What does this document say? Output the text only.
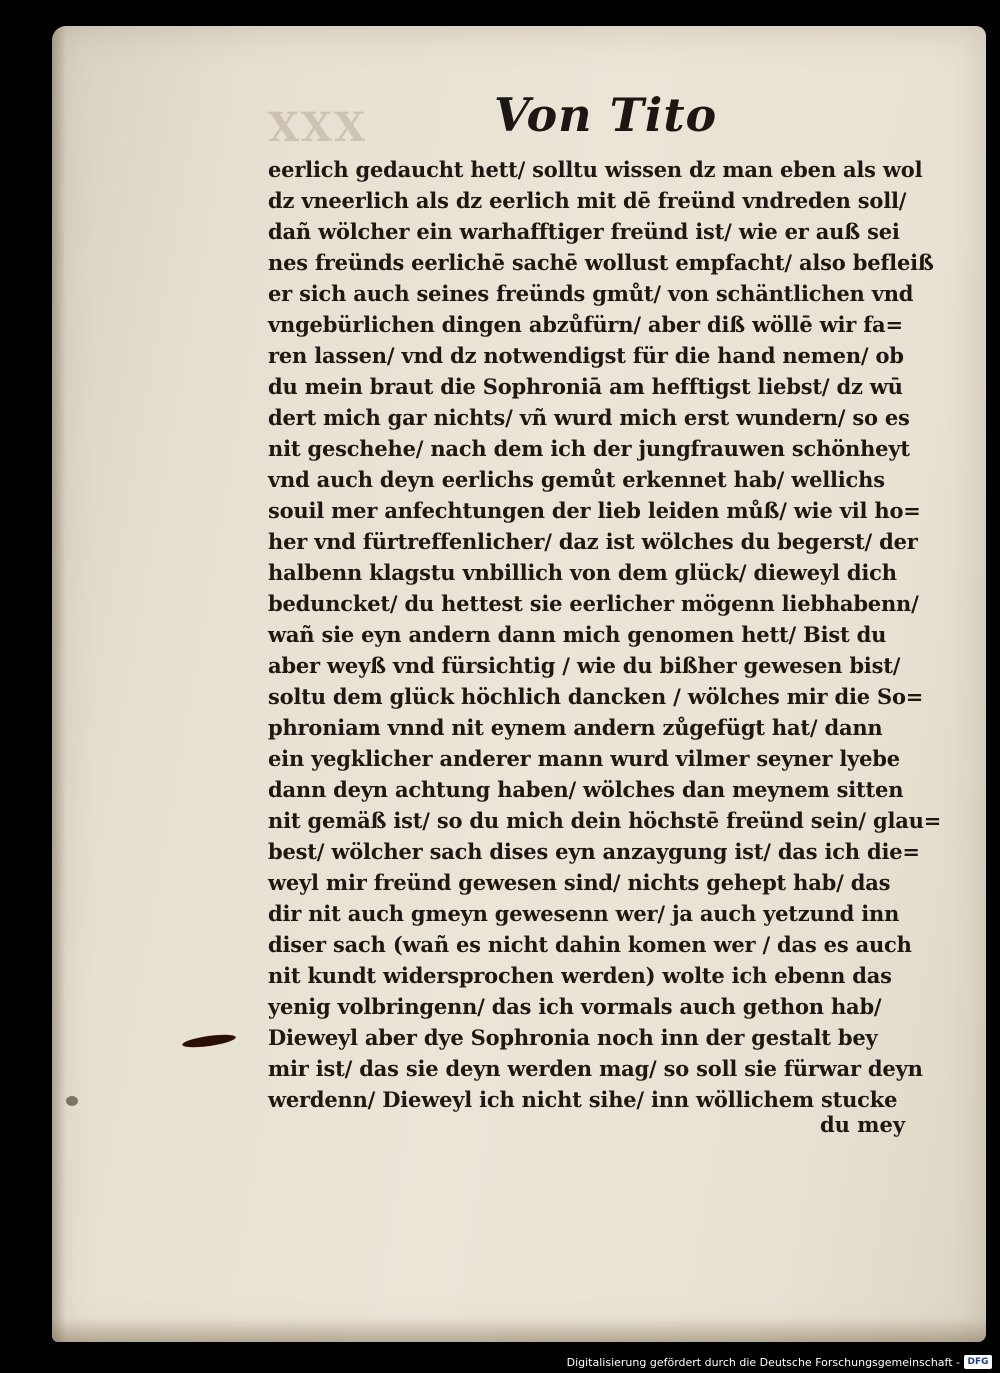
XXX	Von Tito
eerlich gedaucht hett/ solltu wissen dz man eben als wol
dz vneerlich als dz eerlich mit dē freünd vndreden soll/
dañ wölcher ein warhafftiger freünd ist/ wie er auß sei
nes freünds eerlichē sachē wollust empfacht/ also befleiß
er sich auch seines freünds gmůt/ von schäntlichen vnd
vngebürlichen dingen abzůfürn/ aber diß wöllē wir fa=
ren lassen/ vnd dz notwendigst für die hand nemen/ ob
du mein braut die Sophroniā am hefftigst liebst/ dz wū
dert mich gar nichts/ vñ wurd mich erst wundern/ so es
nit geschehe/ nach dem ich der jungfrauwen schönheyt
vnd auch deyn eerlichs gemůt erkennet hab/ wellichs
souil mer anfechtungen der lieb leiden můß/ wie vil ho=
her vnd fürtreffenlicher/ daz ist wölches du begerst/ der
halbenn klagstu vnbillich von dem glück/ dieweyl dich
beduncket/ du hettest sie eerlicher mögenn liebhabenn/
wañ sie eyn andern dann mich genomen hett/ Bist du
aber weyß vnd fürsichtig / wie du bißher gewesen bist/
soltu dem glück höchlich dancken / wölches mir die So=
phroniam vnnd nit eynem andern zůgefügt hat/ dann
ein yegklicher anderer mann wurd vilmer seyner lyebe
dann deyn achtung haben/ wölches dan meynem sitten
nit gemäß ist/ so du mich dein höchstē freünd sein/ glau=
best/ wölcher sach dises eyn anzaygung ist/ das ich die=
weyl mir freünd gewesen sind/ nichts gehept hab/ das
dir nit auch gmeyn gewesenn wer/ ja auch yetzund inn
diser sach (wañ es nicht dahin komen wer / das es auch
nit kundt widersprochen werden) wolte ich ebenn das
yenig volbringenn/ das ich vormals auch gethon hab/
Dieweyl aber dye Sophronia noch inn der gestalt bey
mir ist/ das sie deyn werden mag/ so soll sie fürwar deyn
werdenn/ Dieweyl ich nicht sihe/ inn wöllichem stucke
du mey
Digitalisierung gefördert durch die Deutsche Forschungsgemeinschaft - DFG
